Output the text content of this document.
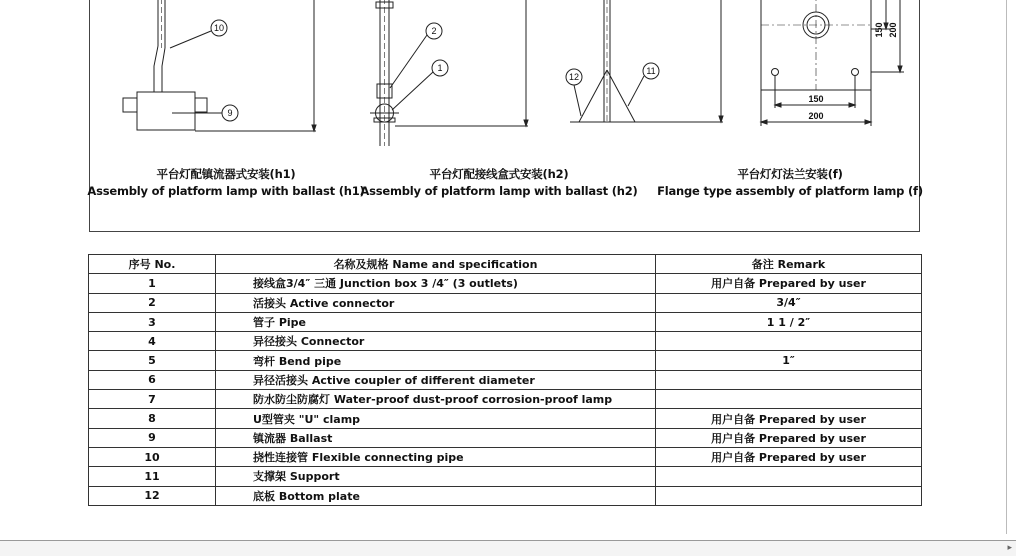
10
9
2
1
12
11
150 200
150
200
平台灯配镇流器式安装(h1)
Assembly of platform lamp with ballast (h1)
平台灯配接线盒式安装(h2)
Assembly of platform lamp with ballast (h2)
平台灯灯法兰安装(f)
Flange type assembly of platform lamp (f)
序号 No.	名称及规格 Name and specification	备注 Remark
1	接线盒3/4″ 三通 Junction box 3 /4″ (3 outlets)	用户自备 Prepared by user
2	活接头 Active connector	3/4″
3	管子 Pipe	1 1 / 2″
4	异径接头 Connector	
5	弯杆 Bend pipe	1″
6	异径活接头 Active coupler of different diameter	
7	防水防尘防腐灯 Water-proof dust-proof corrosion-proof lamp	
8	U型管夹 "U" clamp	用户自备 Prepared by user
9	镇流器 Ballast	用户自备 Prepared by user
10	挠性连接管 Flexible connecting pipe	用户自备 Prepared by user
11	支撑架 Support	
12	底板 Bottom plate	
▸
